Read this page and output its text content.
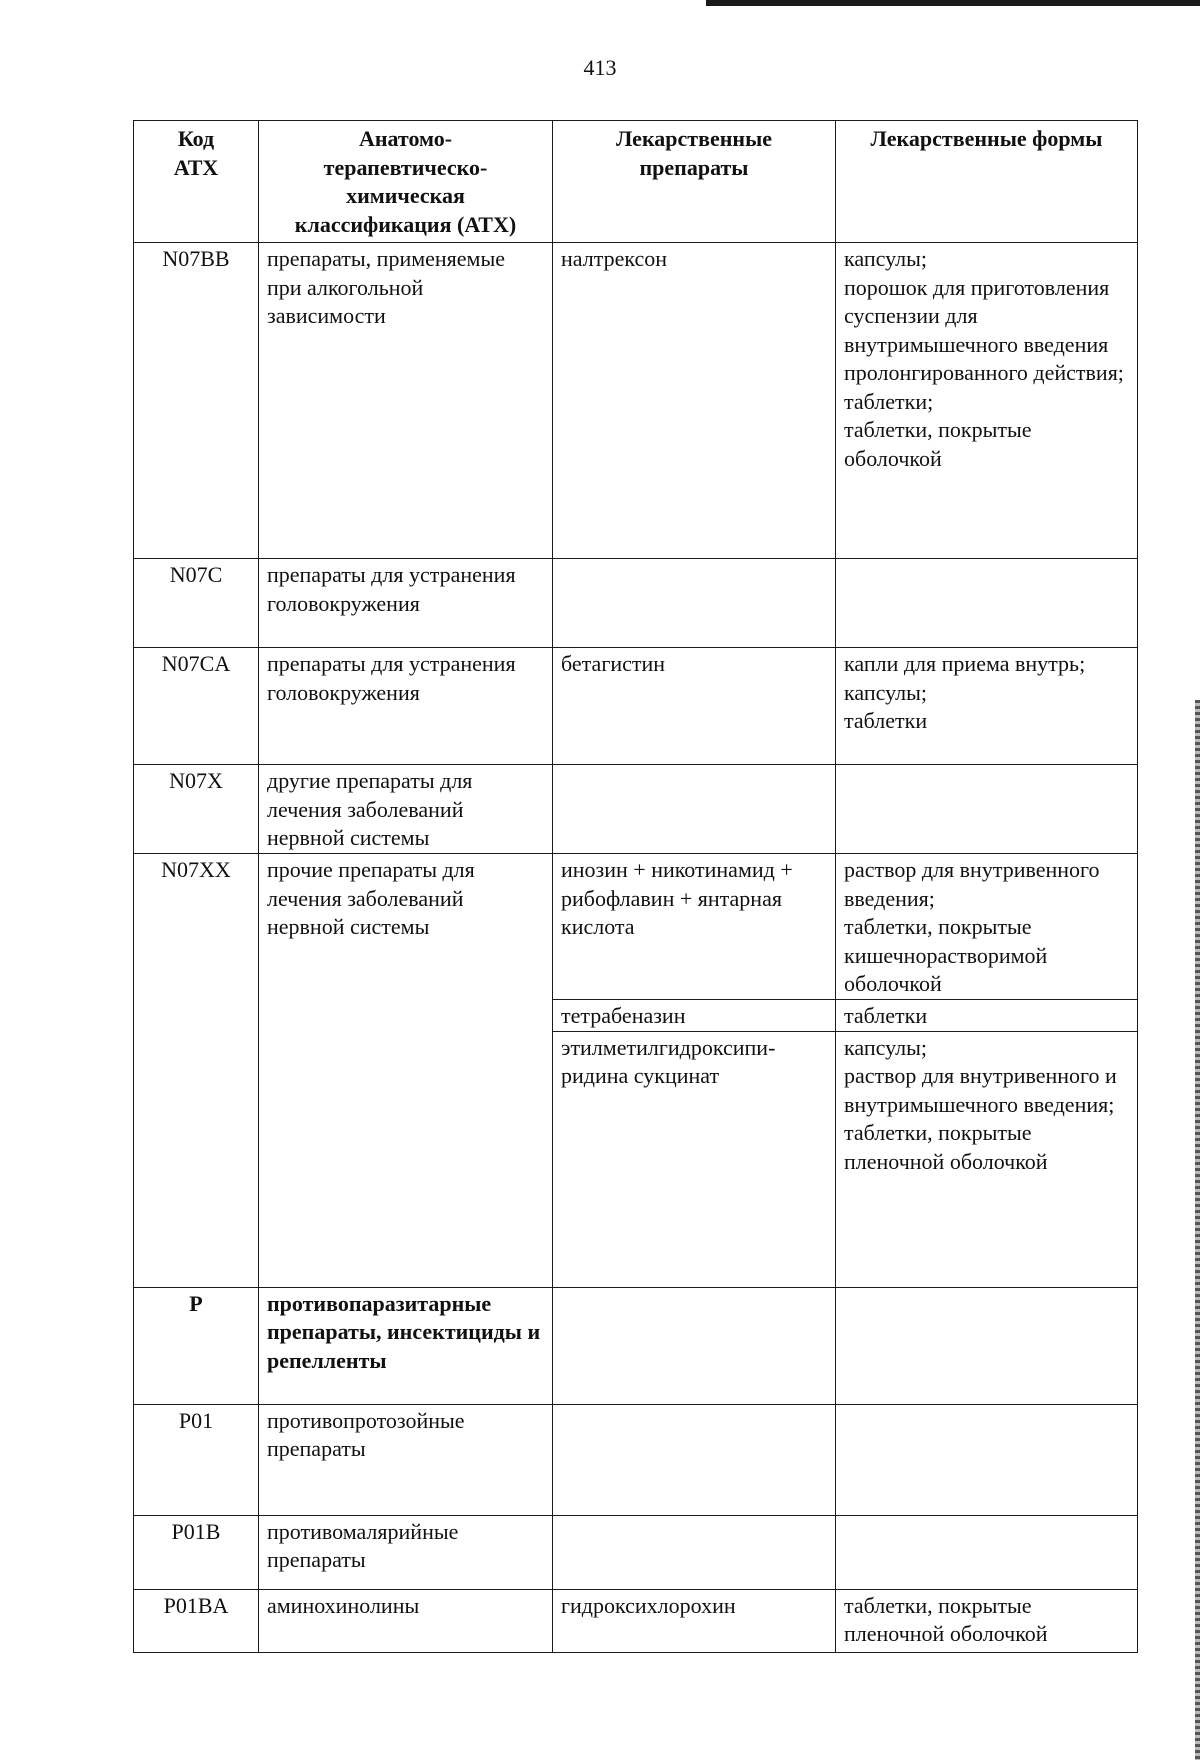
413
Код АТХ	Анатомо-терапевтическо-химическая классификация (АТХ)	Лекарственные препараты	Лекарственные формы
N07BB	препараты, применяемые при алкогольной зависимости	налтрексон	капсулы;
порошок для приготовления суспензии для внутримышечного введения пролонгированного действия;
таблетки;
таблетки, покрытые оболочкой

N07C	препараты для устранения головокружения		
N07CA	препараты для устранения головокружения	бетагистин	капли для приема внутрь;
капсулы;
таблетки

N07X	другие препараты для лечения заболеваний нервной системы		
N07XX	прочие препараты для лечения заболеваний нервной системы	инозин + никотинамид + рибофлавин + янтарная кислота	раствор для внутривенного введения;
таблетки, покрытые кишечнорастворимой оболочкой

		тетрабеназин	таблетки
		этилметилгидроксипи-ридина сукцинат	капсулы;
раствор для внутривенного и внутримышечного введения;
таблетки, покрытые пленочной оболочкой

P	противопаразитарные препараты, инсектициды и репелленты		
P01	противопротозойные препараты		
P01B	противомалярийные препараты		
P01BA	аминохинолины	гидроксихлорохин	таблетки, покрытые пленочной оболочкой
